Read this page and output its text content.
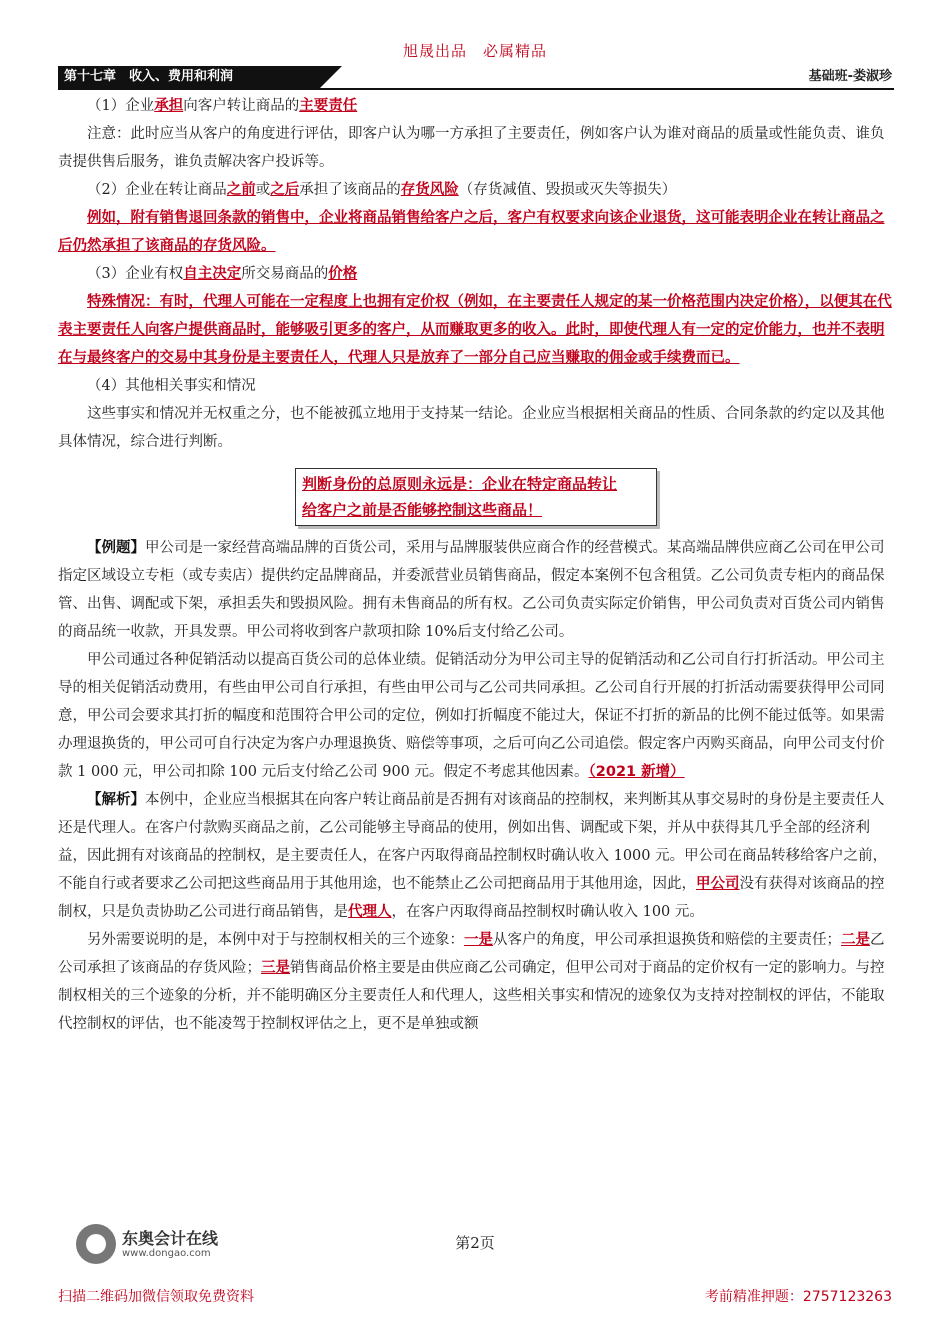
旭晟出品　必属精品
第十七章　收入、费用和利润	基础班-娄淑珍

（1）企业承担向客户转让商品的主要责任

注意：此时应当从客户的角度进行评估，即客户认为哪一方承担了主要责任，例如客户认为谁对商品的质量或性能负责、谁负责提供售后服务，谁负责解决客户投诉等。

（2）企业在转让商品之前或之后承担了该商品的存货风险（存货减值、毁损或灭失等损失）

例如，附有销售退回条款的销售中，企业将商品销售给客户之后，客户有权要求向该企业退货，这可能表明企业在转让商品之后仍然承担了该商品的存货风险。

（3）企业有权自主决定所交易商品的价格

特殊情况：有时，代理人可能在一定程度上也拥有定价权（例如，在主要责任人规定的某一价格范围内决定价格），以便其在代表主要责任人向客户提供商品时，能够吸引更多的客户，从而赚取更多的收入。此时，即使代理人有一定的定价能力，也并不表明在与最终客户的交易中其身份是主要责任人，代理人只是放弃了一部分自己应当赚取的佣金或手续费而已。

（4）其他相关事实和情况

这些事实和情况并无权重之分，也不能被孤立地用于支持某一结论。企业应当根据相关商品的性质、合同条款的约定以及其他具体情况，综合进行判断。

判断身份的总原则永远是：企业在特定商品转让
给客户之前是否能够控制这些商品！

【例题】甲公司是一家经营高端品牌的百货公司，采用与品牌服装供应商合作的经营模式。某高端品牌供应商乙公司在甲公司指定区域设立专柜（或专卖店）提供约定品牌商品，并委派营业员销售商品，假定本案例不包含租赁。乙公司负责专柜内的商品保管、出售、调配或下架，承担丢失和毁损风险。拥有未售商品的所有权。乙公司负责实际定价销售，甲公司负责对百货公司内销售的商品统一收款，开具发票。甲公司将收到客户款项扣除 10%后支付给乙公司。

甲公司通过各种促销活动以提高百货公司的总体业绩。促销活动分为甲公司主导的促销活动和乙公司自行打折活动。甲公司主导的相关促销活动费用，有些由甲公司自行承担，有些由甲公司与乙公司共同承担。乙公司自行开展的打折活动需要获得甲公司同意，甲公司会要求其打折的幅度和范围符合甲公司的定位，例如打折幅度不能过大，保证不打折的新品的比例不能过低等。如果需办理退换货的，甲公司可自行决定为客户办理退换货、赔偿等事项，之后可向乙公司追偿。假定客户丙购买商品，向甲公司支付价款 1 000 元，甲公司扣除 100 元后支付给乙公司 900 元。假定不考虑其他因素。（2021 新增）

【解析】本例中，企业应当根据其在向客户转让商品前是否拥有对该商品的控制权，来判断其从事交易时的身份是主要责任人还是代理人。在客户付款购买商品之前，乙公司能够主导商品的使用，例如出售、调配或下架，并从中获得其几乎全部的经济利益，因此拥有对该商品的控制权，是主要责任人，在客户丙取得商品控制权时确认收入 1000 元。甲公司在商品转移给客户之前，不能自行或者要求乙公司把这些商品用于其他用途，也不能禁止乙公司把商品用于其他用途，因此，甲公司没有获得对该商品的控制权，只是负责协助乙公司进行商品销售，是代理人，在客户丙取得商品控制权时确认收入 100 元。

另外需要说明的是，本例中对于与控制权相关的三个迹象：一是从客户的角度，甲公司承担退换货和赔偿的主要责任；二是乙公司承担了该商品的存货风险；三是销售商品价格主要是由供应商乙公司确定，但甲公司对于商品的定价权有一定的影响力。与控制权相关的三个迹象的分析，并不能明确区分主要责任人和代理人，这些相关事实和情况的迹象仅为支持对控制权的评估，不能取代控制权的评估，也不能凌驾于控制权评估之上，更不是单独或额

东奥会计在线
www.dongao.com
第2页
扫描二维码加微信领取免费资料	考前精准押题：2757123263
